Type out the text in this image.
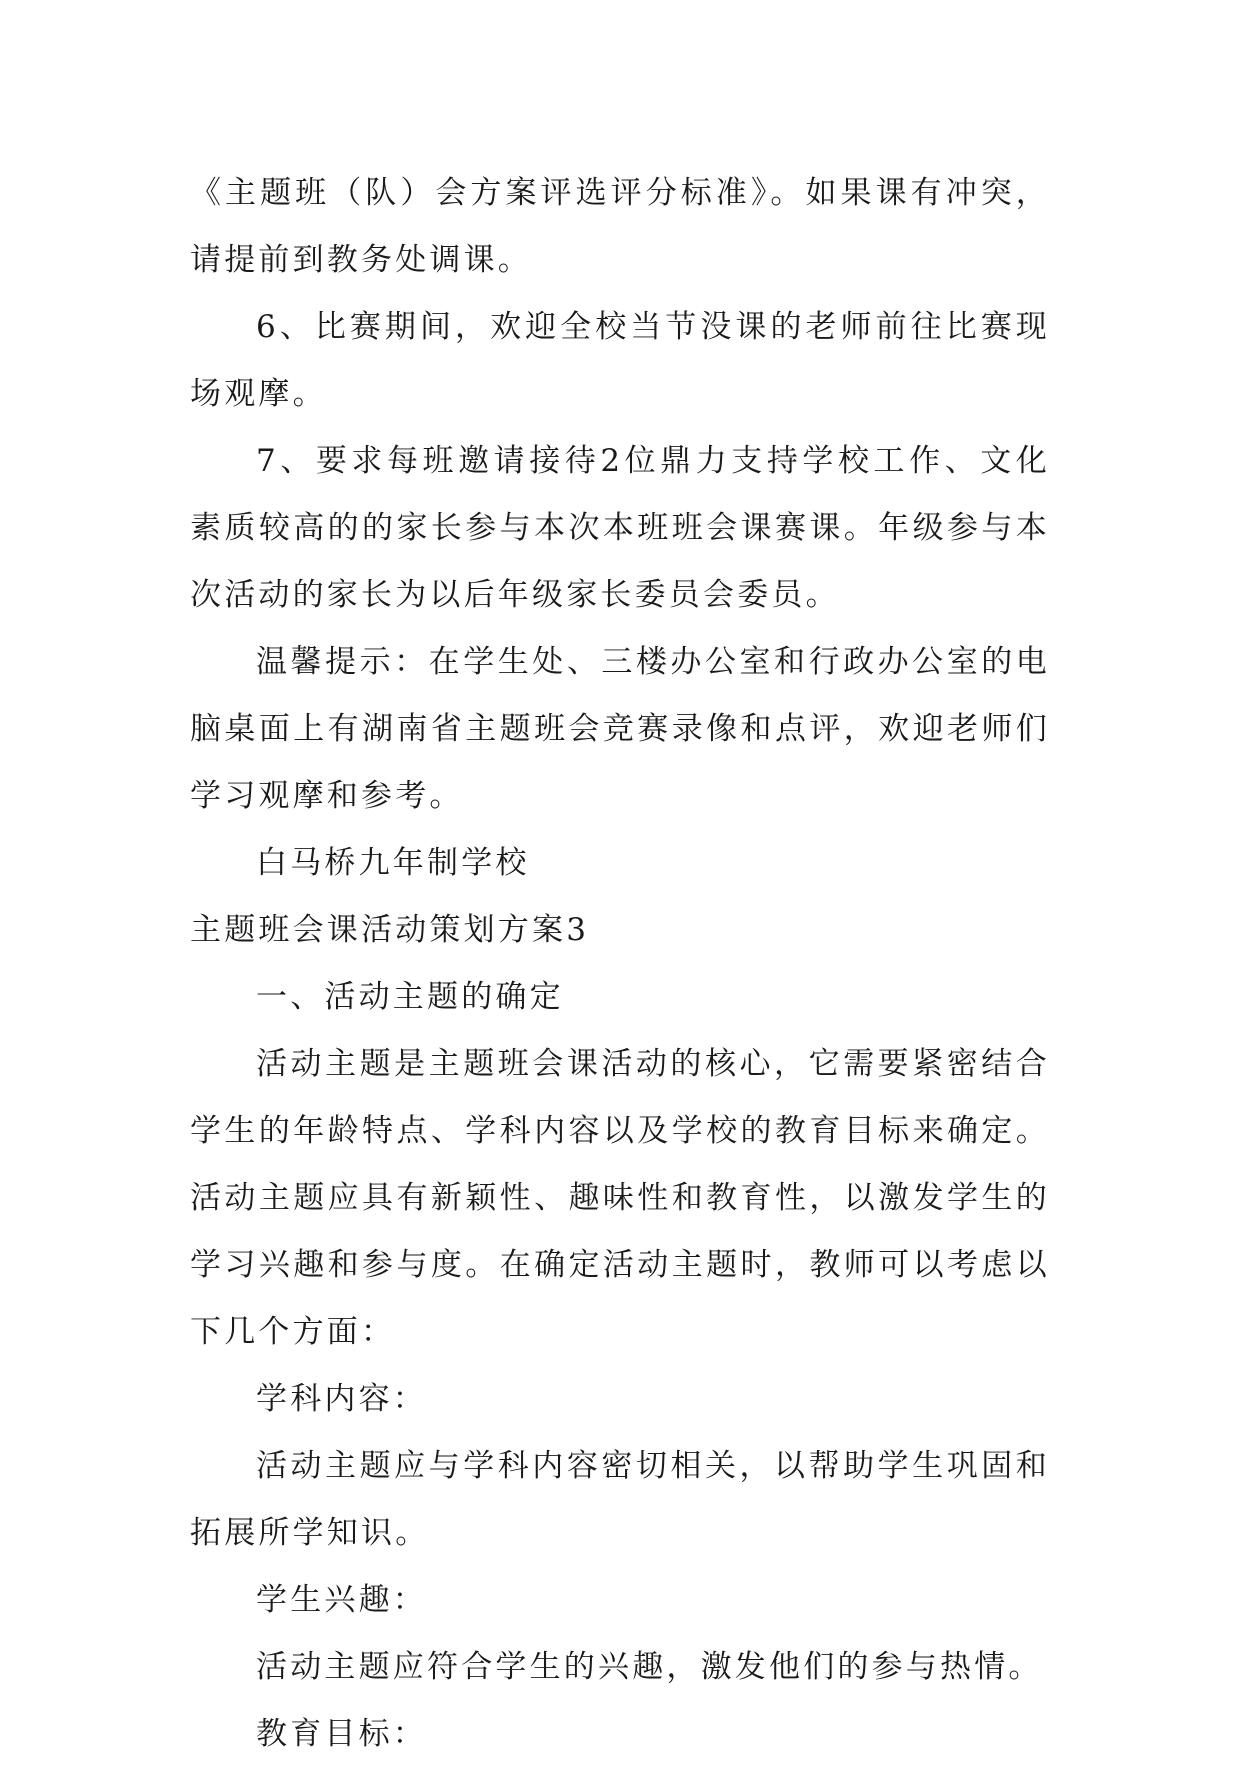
《主题班（队）会方案评选评分标准》。如果课有冲突，请提前到教务处调课。

6、比赛期间，欢迎全校当节没课的老师前往比赛现场观摩。

7、要求每班邀请接待2位鼎力支持学校工作、文化素质较高的的家长参与本次本班班会课赛课。年级参与本次活动的家长为以后年级家长委员会委员。

温馨提示：在学生处、三楼办公室和行政办公室的电脑桌面上有湖南省主题班会竞赛录像和点评，欢迎老师们学习观摩和参考。

白马桥九年制学校

主题班会课活动策划方案3

一、活动主题的确定

活动主题是主题班会课活动的核心，它需要紧密结合学生的年龄特点、学科内容以及学校的教育目标来确定。活动主题应具有新颖性、趣味性和教育性，以激发学生的学习兴趣和参与度。在确定活动主题时，教师可以考虑以下几个方面：

学科内容：

活动主题应与学科内容密切相关，以帮助学生巩固和拓展所学知识。

学生兴趣：

活动主题应符合学生的兴趣，激发他们的参与热情。

教育目标：
